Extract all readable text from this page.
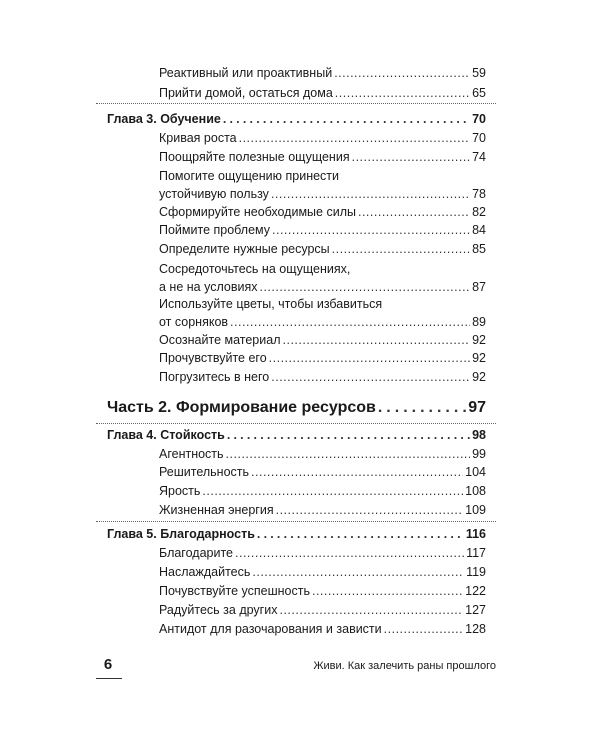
Реактивный или проактивный .....	59
Прийти домой, остаться дома .....	65
Глава 3. Обучение .....	70
Кривая роста .....	70
Поощряйте полезные ощущения .....	74
Помогите ощущению принести
устойчивую пользу .....	78
Сформируйте необходимые силы .....	82
Поймите проблему .....	84
Определите нужные ресурсы .....	85
Сосредоточьтесь на ощущениях,
а не на условиях .....	87
Используйте цветы, чтобы избавиться
от сорняков .....	89
Осознайте материал .....	92
Прочувствуйте его .....	92
Погрузитесь в него .....	92
Часть 2. Формирование ресурсов .....	97
Глава 4. Стойкость .....	98
Агентность .....	99
Решительность .....	104
Ярость .....	108
Жизненная энергия .....	109
Глава 5. Благодарность .....	116
Благодарите .....	117
Наслаждайтесь .....	119
Почувствуйте успешность .....	122
Радуйтесь за других .....	127
Антидот для разочарования и зависти .....	128
6	Живи. Как залечить раны прошлого
